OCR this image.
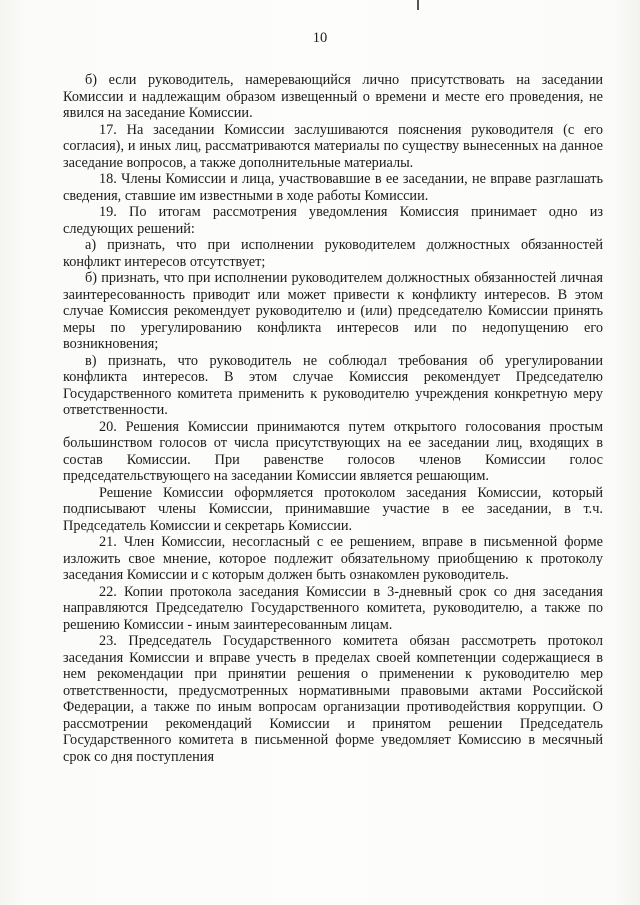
10

б) если руководитель, намеревающийся лично присутствовать на заседании Комиссии и надлежащим образом извещенный о времени и месте его проведения, не явился на заседание Комиссии.

17. На заседании Комиссии заслушиваются пояснения руководителя (с его согласия), и иных лиц, рассматриваются материалы по существу вынесенных на данное заседание вопросов, а также дополнительные материалы.

18. Члены Комиссии и лица, участвовавшие в ее заседании, не вправе разглашать сведения, ставшие им известными в ходе работы Комиссии.

19. По итогам рассмотрения уведомления Комиссия принимает одно из следующих решений:

а) признать, что при исполнении руководителем должностных обязанностей конфликт интересов отсутствует;

б) признать, что при исполнении руководителем должностных обязанностей личная заинтересованность приводит или может привести к конфликту интересов. В этом случае Комиссия рекомендует руководителю и (или) председателю Комиссии принять меры по урегулированию конфликта интересов или по недопущению его возникновения;

в) признать, что руководитель не соблюдал требования об урегулировании конфликта интересов. В этом случае Комиссия рекомендует Председателю Государственного комитета применить к руководителю учреждения конкретную меру ответственности.

20. Решения Комиссии принимаются путем открытого голосования простым большинством голосов от числа присутствующих на ее заседании лиц, входящих в состав Комиссии. При равенстве голосов членов Комиссии голос председательствующего на заседании Комиссии является решающим.

Решение Комиссии оформляется протоколом заседания Комиссии, который подписывают члены Комиссии, принимавшие участие в ее заседании, в т.ч. Председатель Комиссии и секретарь Комиссии.

21. Член Комиссии, несогласный с ее решением, вправе в письменной форме изложить свое мнение, которое подлежит обязательному приобщению к протоколу заседания Комиссии и с которым должен быть ознакомлен руководитель.

22. Копии протокола заседания Комиссии в 3-дневный срок со дня заседания направляются Председателю Государственного комитета, руководителю, а также по решению Комиссии - иным заинтересованным лицам.

23. Председатель Государственного комитета обязан рассмотреть протокол заседания Комиссии и вправе учесть в пределах своей компетенции содержащиеся в нем рекомендации при принятии решения о применении к руководителю мер ответственности, предусмотренных нормативными правовыми актами Российской Федерации, а также по иным вопросам организации противодействия коррупции. О рассмотрении рекомендаций Комиссии и принятом решении Председатель Государственного комитета в письменной форме уведомляет Комиссию в месячный срок со дня поступления
